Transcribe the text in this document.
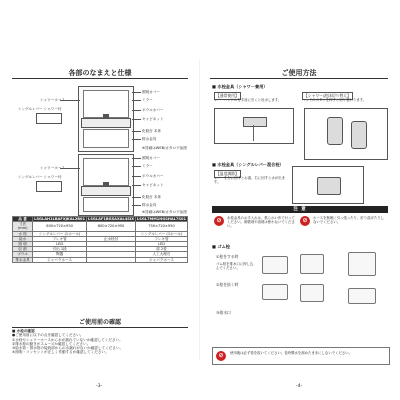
各部のなまえと仕様
シングルレバー シャワー付
シャワーホース
照明カバー
ミラー
ボウルカバー
キャビネット
化粧台 本体
排水金具
※詳細はWEB/カタログ参照
シングルレバー シャワー付
シャワーホース
照明カバー
ミラー
ボウルカバー
キャビネット
化粧台 本体
排水金具
※詳細はWEB/カタログ参照
品 番	LSGLAH1LBAFXJKAL2B01	LSGLAF1BGSAXAL4SIX	LSGL7MM1HGSHAL7S01
寸法 (mm)	600×720×950	600×720×950	750×720×950
水 栓	シングルレバー (1ホール)		シングルレバー (1ホール)
給水	フレキ管	止水栓付	フレキ管
照 明	LED		LED
収 納	引出 1段		扉 2枚
ボウル	陶器		人工大理石
排水金具	ジャバラホース		ジャバラホース
ご使用前の確認
■ 水栓の確認
●ご使用前に以下の点を確認してください。
①水栓やシャワーホースから水が漏れていないか確認してください。
②排水栓の動きがスムーズか確認してください。
③給水管・排水管の接続部からの水漏れがないか確認してください。
④照明・コンセントが正しく作動するか確認してください。
-3-
ご使用方法
■ 水栓金具（シャワー兼用）
【通常使用】
レバーハンドルを手前に引くと吐水します。
【シャワー/泡沫切り替え】
ヘッドのボタンを押すと切り替わります。
■ 水栓金具（シングルレバー混合栓）
【温度調節】
レバーを左に回すとお湯、右に回すと水が出ます。
注 意
⊘	水栓金具のお手入れは、柔らかい布で行ってください。研磨剤や溶剤は使わないでください。
⊘	ホースを無理に引っ張ったり、折り曲げたりしないでください。
■ ゴム栓
①栓をする時
ゴム栓を排水口に押し込んでください。
②栓を抜く時
③排水口
⊘	使用後は必ず栓を抜いてください。長時間水を溜めたままにしないでください。
-4-
